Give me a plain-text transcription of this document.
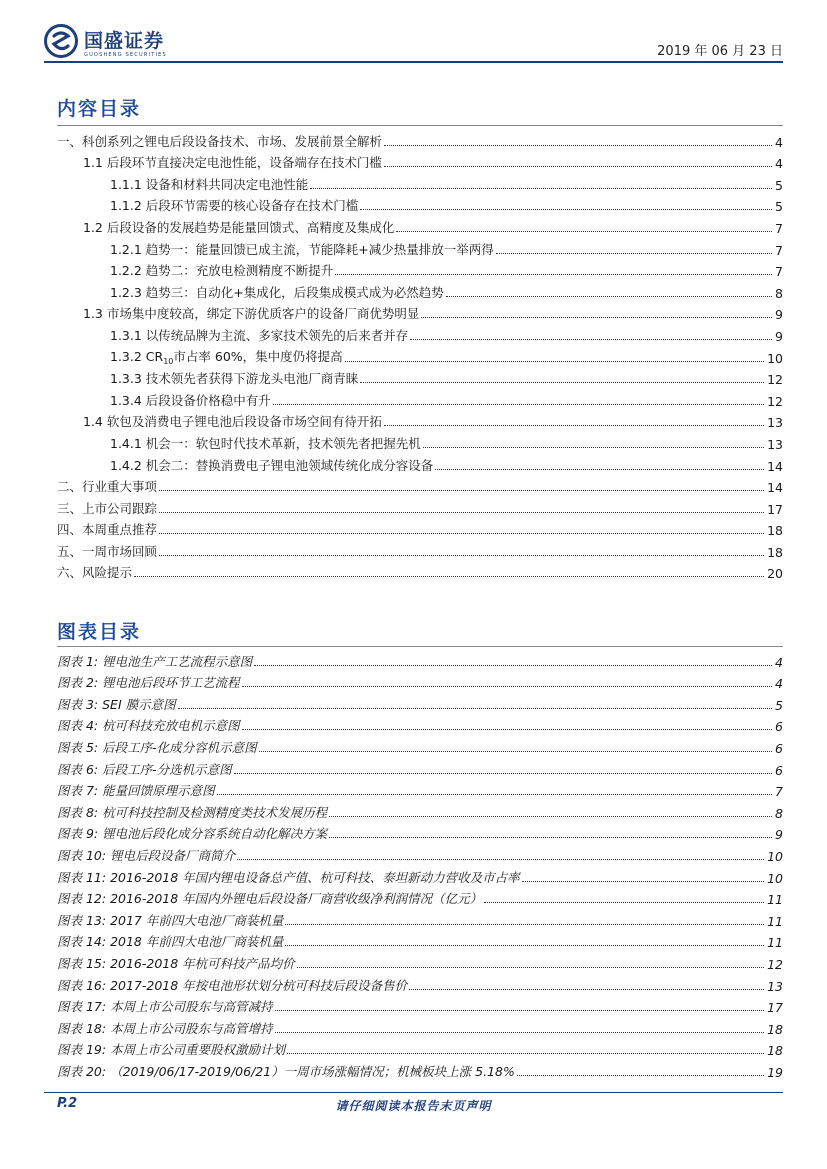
国盛证券
GUOSHENG SECURITIES	2019 年 06 月 23 日
内容目录
一、科创系列之锂电后段设备技术、市场、发展前景全解析	4
1.1 后段环节直接决定电池性能，设备端存在技术门槛	4
1.1.1 设备和材料共同决定电池性能	5
1.1.2 后段环节需要的核心设备存在技术门槛	5
1.2 后段设备的发展趋势是能量回馈式、高精度及集成化	7
1.2.1 趋势一：能量回馈已成主流，节能降耗+减少热量排放一举两得	7
1.2.2 趋势二：充放电检测精度不断提升	7
1.2.3 趋势三：自动化+集成化，后段集成模式成为必然趋势	8
1.3 市场集中度较高，绑定下游优质客户的设备厂商优势明显	9
1.3.1 以传统品牌为主流、多家技术领先的后来者并存	9
1.3.2 $CR_{10}$市占率 60%，集中度仍将提高	10
1.3.3 技术领先者获得下游龙头电池厂商青睐	12
1.3.4 后段设备价格稳中有升	12
1.4 软包及消费电子锂电池后段设备市场空间有待开拓	13
1.4.1 机会一：软包时代技术革新，技术领先者把握先机	13
1.4.2 机会二：替换消费电子锂电池领域传统化成分容设备	14
二、行业重大事项	14
三、上市公司跟踪	17
四、本周重点推荐	18
五、一周市场回顾	18
六、风险提示	20
图表目录
图表 1: 锂电池生产工艺流程示意图	4
图表 2: 锂电池后段环节工艺流程	4
图表 3: SEI 膜示意图	5
图表 4: 杭可科技充放电机示意图	6
图表 5: 后段工序-化成分容机示意图	6
图表 6: 后段工序-分选机示意图	6
图表 7: 能量回馈原理示意图	7
图表 8: 杭可科技控制及检测精度类技术发展历程	8
图表 9: 锂电池后段化成分容系统自动化解决方案	9
图表 10: 锂电后段设备厂商简介	10
图表 11: 2016-2018 年国内锂电设备总产值、杭可科技、泰坦新动力营收及市占率	10
图表 12: 2016-2018 年国内外锂电后段设备厂商营收级净利润情况（亿元）	11
图表 13: 2017 年前四大电池厂商装机量	11
图表 14: 2018 年前四大电池厂商装机量	11
图表 15: 2016-2018 年杭可科技产品均价	12
图表 16: 2017-2018 年按电池形状划分杭可科技后段设备售价	13
图表 17: 本周上市公司股东与高管减持	17
图表 18: 本周上市公司股东与高管增持	18
图表 19: 本周上市公司重要股权激励计划	18
图表 20: （2019/06/17-2019/06/21）一周市场涨幅情况；机械板块上涨 5.18%	19
P.2	请仔细阅读本报告末页声明
